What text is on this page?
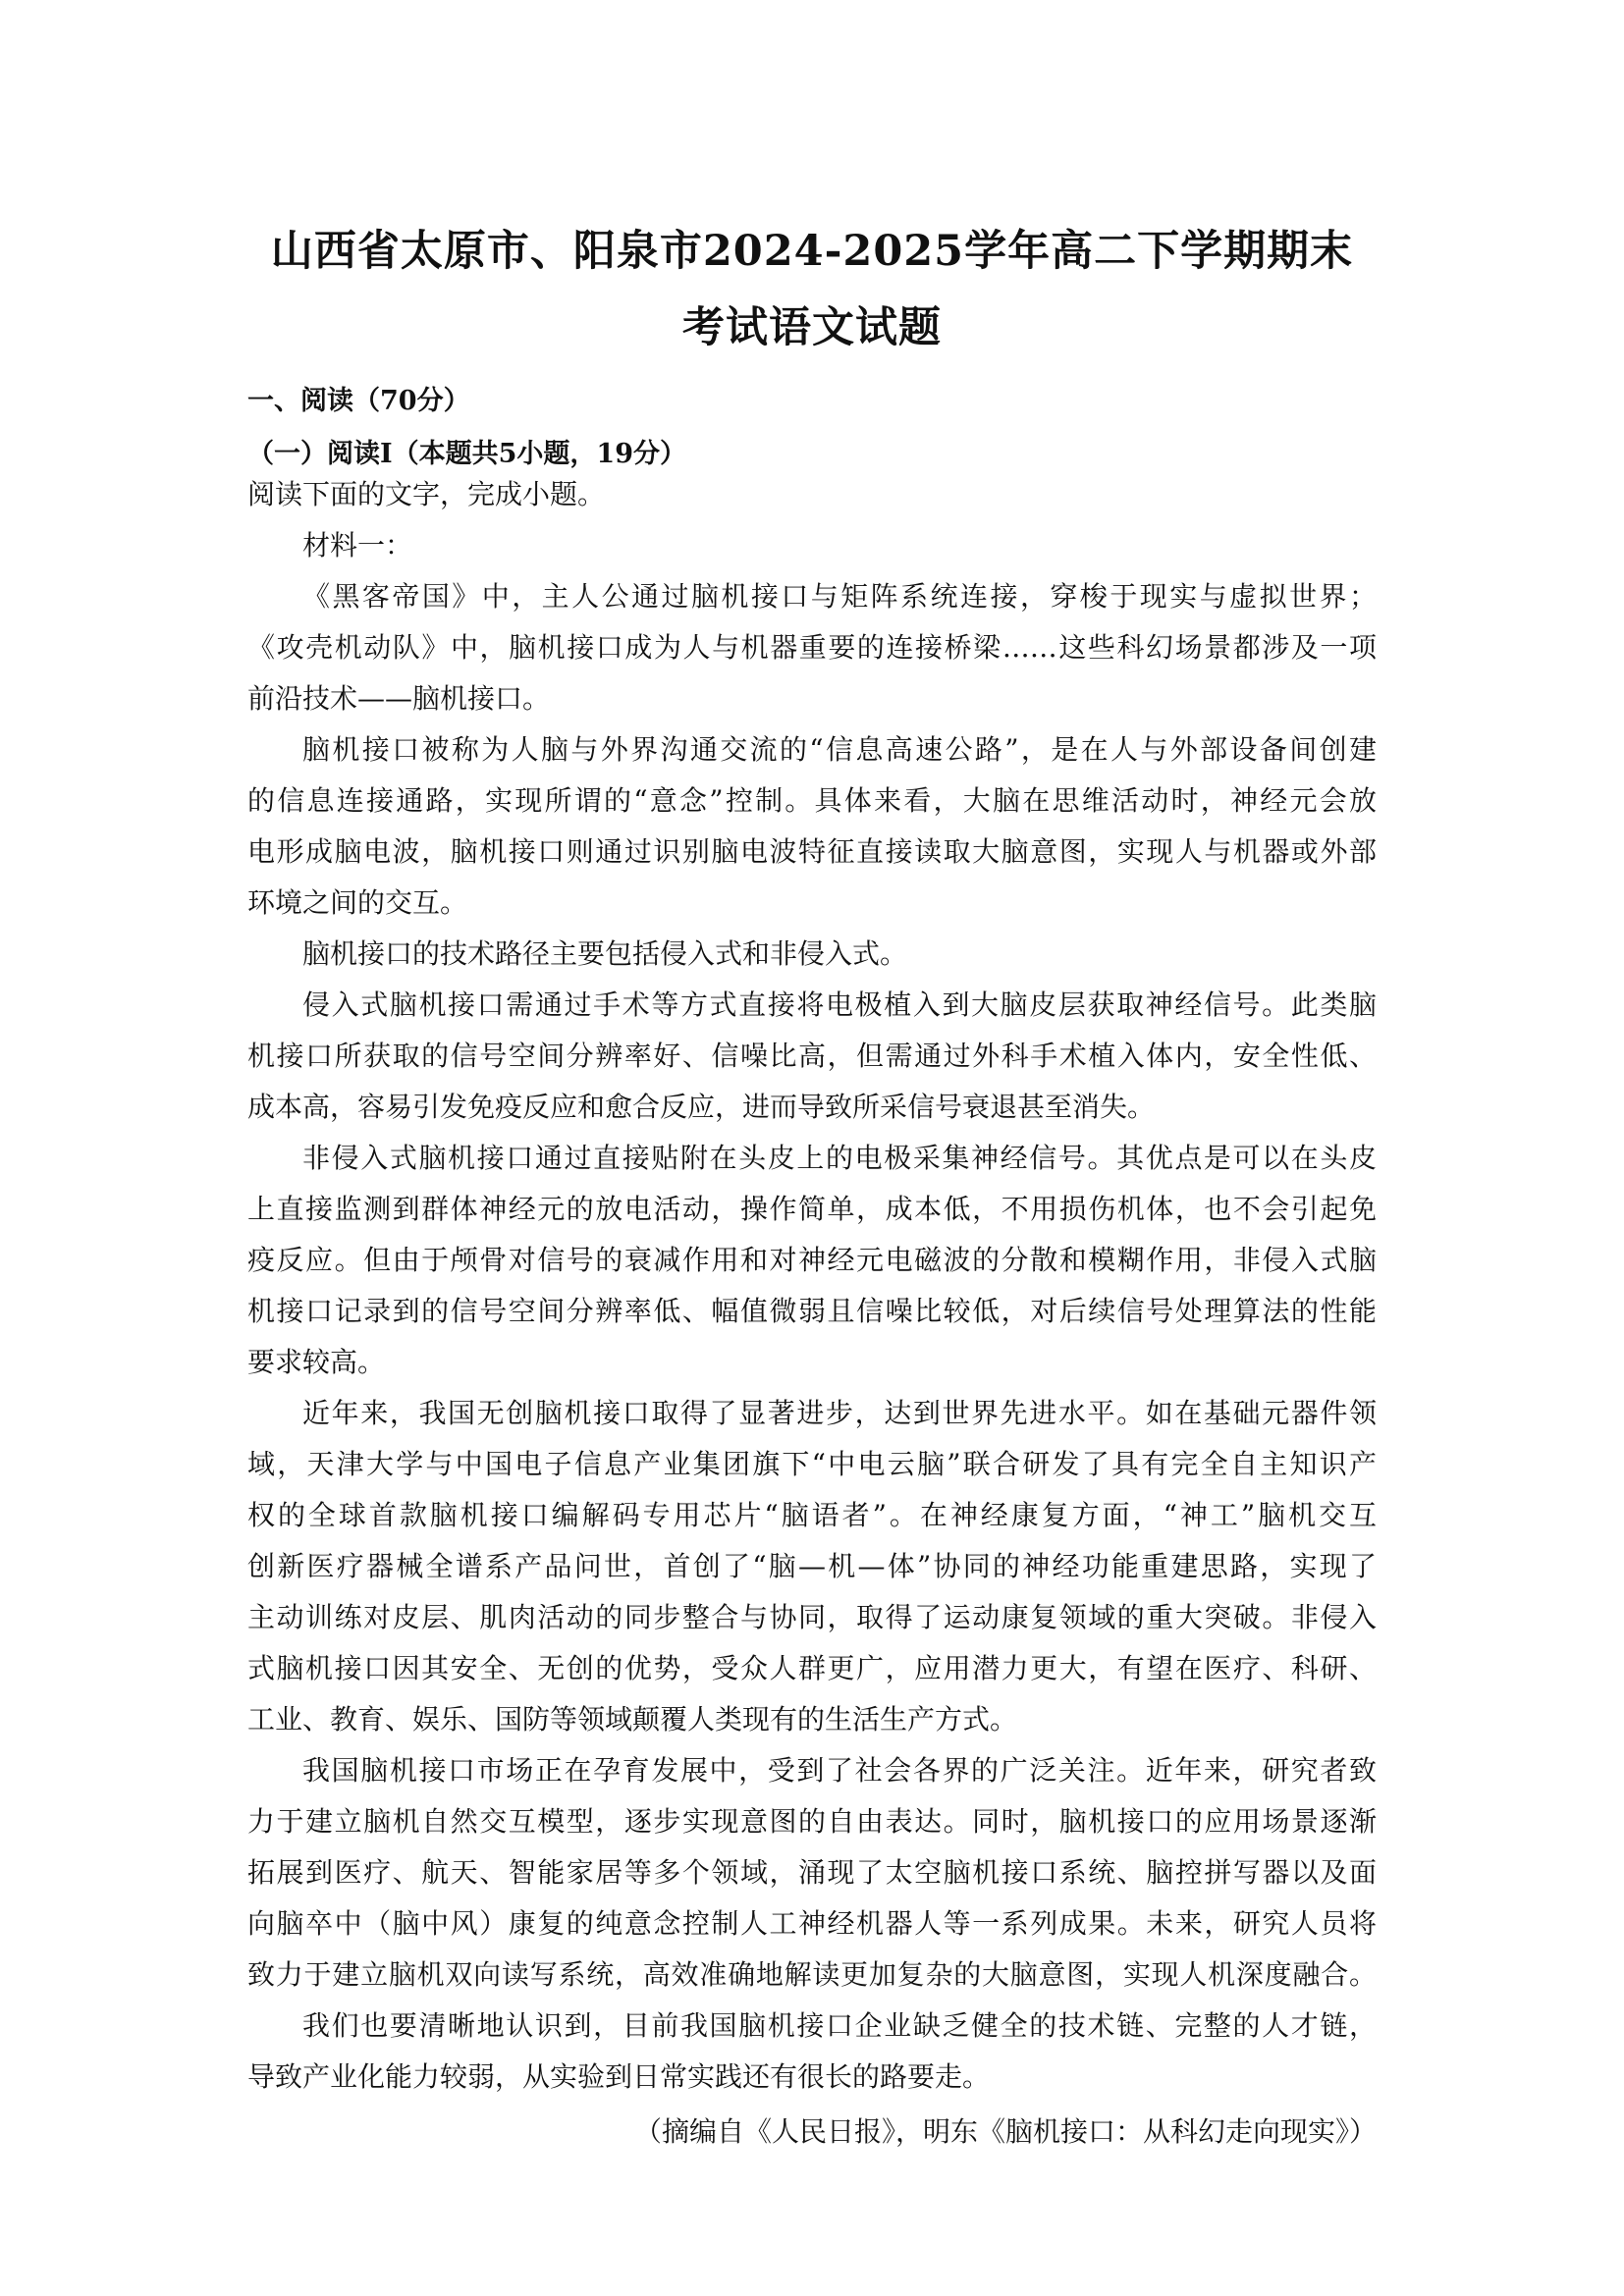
山西省太原市、阳泉市2024-2025学年高二下学期期末
考试语文试题
一、阅读（70分）
（一）阅读Ⅰ（本题共5小题，19分）
阅读下面的文字，完成小题。
材料一：
《黑客帝国》中，主人公通过脑机接口与矩阵系统连接，穿梭于现实与虚拟世界；
《攻壳机动队》中，脑机接口成为人与机器重要的连接桥梁……这些科幻场景都涉及一项
前沿技术——脑机接口。
脑机接口被称为人脑与外界沟通交流的“信息高速公路”，是在人与外部设备间创建
的信息连接通路，实现所谓的“意念”控制。具体来看，大脑在思维活动时，神经元会放
电形成脑电波，脑机接口则通过识别脑电波特征直接读取大脑意图，实现人与机器或外部
环境之间的交互。
脑机接口的技术路径主要包括侵入式和非侵入式。
侵入式脑机接口需通过手术等方式直接将电极植入到大脑皮层获取神经信号。此类脑
机接口所获取的信号空间分辨率好、信噪比高，但需通过外科手术植入体内，安全性低、
成本高，容易引发免疫反应和愈合反应，进而导致所采信号衰退甚至消失。
非侵入式脑机接口通过直接贴附在头皮上的电极采集神经信号。其优点是可以在头皮
上直接监测到群体神经元的放电活动，操作简单，成本低，不用损伤机体，也不会引起免
疫反应。但由于颅骨对信号的衰减作用和对神经元电磁波的分散和模糊作用，非侵入式脑
机接口记录到的信号空间分辨率低、幅值微弱且信噪比较低，对后续信号处理算法的性能
要求较高。
近年来，我国无创脑机接口取得了显著进步，达到世界先进水平。如在基础元器件领
域，天津大学与中国电子信息产业集团旗下“中电云脑”联合研发了具有完全自主知识产
权的全球首款脑机接口编解码专用芯片“脑语者”。在神经康复方面，“神工”脑机交互
创新医疗器械全谱系产品问世，首创了“脑—机—体”协同的神经功能重建思路，实现了
主动训练对皮层、肌肉活动的同步整合与协同，取得了运动康复领域的重大突破。非侵入
式脑机接口因其安全、无创的优势，受众人群更广，应用潜力更大，有望在医疗、科研、
工业、教育、娱乐、国防等领域颠覆人类现有的生活生产方式。
我国脑机接口市场正在孕育发展中，受到了社会各界的广泛关注。近年来，研究者致
力于建立脑机自然交互模型，逐步实现意图的自由表达。同时，脑机接口的应用场景逐渐
拓展到医疗、航天、智能家居等多个领域，涌现了太空脑机接口系统、脑控拼写器以及面
向脑卒中（脑中风）康复的纯意念控制人工神经机器人等一系列成果。未来，研究人员将
致力于建立脑机双向读写系统，高效准确地解读更加复杂的大脑意图，实现人机深度融合。
我们也要清晰地认识到，目前我国脑机接口企业缺乏健全的技术链、完整的人才链，
导致产业化能力较弱，从实验到日常实践还有很长的路要走。
（摘编自《人民日报》，明东《脑机接口：从科幻走向现实》）
